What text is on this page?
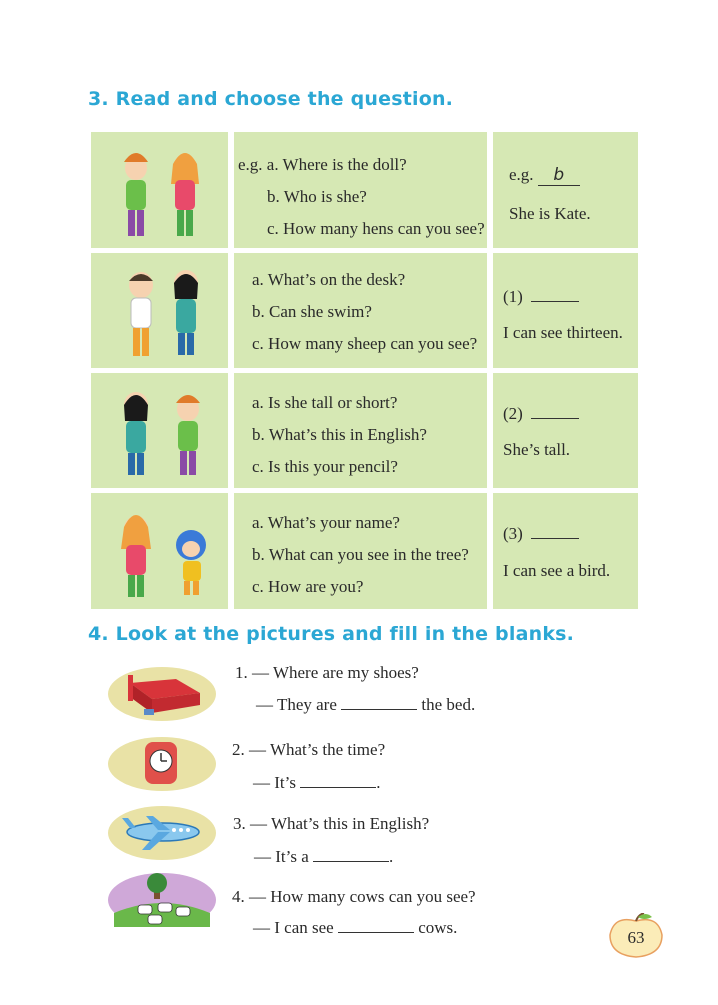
3. Read and choose the question.
e.g. a. Where is the doll?
b. Who is she?
c. How many hens can you see?
e.g. b
She is Kate.
a. What’s on the desk?
b. Can she swim?
c. How many sheep can you see?
(1)
I can see thirteen.
a. Is she tall or short?
b. What’s this in English?
c. Is this your pencil?
(2)
She’s tall.
a. What’s your name?
b. What can you see in the tree?
c. How are you?
(3)
I can see a bird.
4. Look at the pictures and fill in the blanks.
1. — Where are my shoes?
— They are	the bed.
2. — What’s the time?
— It’s	.
3. — What’s this in English?
— It’s a	.
4. — How many cows can you see?
— I can see	cows.
63
